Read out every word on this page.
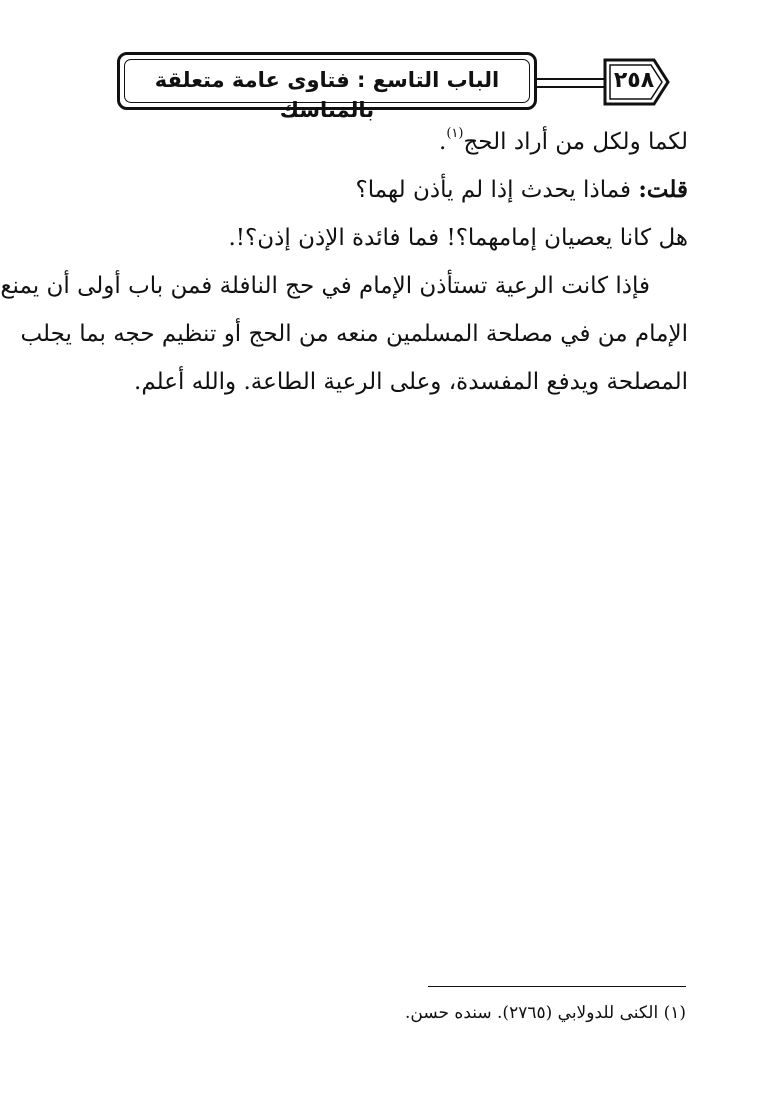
الباب التاسع : فتاوى عامة متعلقة بالمناسك
٢٥٨
لكما ولكل من أراد الحج$^{(١)}$.
قلت: فماذا يحدث إذا لم يأذن لهما؟
هل كانا يعصيان إمامهما؟! فما فائدة الإذن إذن؟!.
فإذا كانت الرعية تستأذن الإمام في حج النافلة فمن باب أولى أن يمنع
الإمام من في مصلحة المسلمين منعه من الحج أو تنظيم حجه بما يجلب
المصلحة ويدفع المفسدة، وعلى الرعية الطاعة. والله أعلم.
(١) الكنى للدولابي (٢٧٦٥). سنده حسن.
